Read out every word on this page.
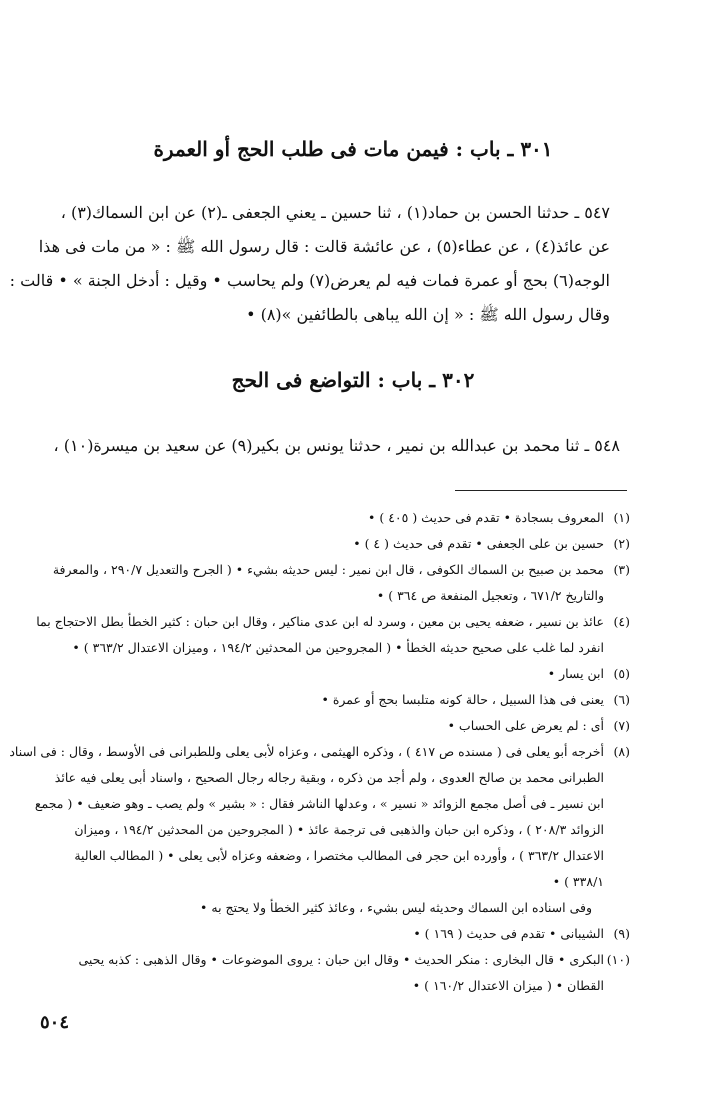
٣٠١ ـ باب : فيمن مات فى طلب الحج أو العمرة
٥٤٧ ـ حدثنا الحسن بن حماد(١) ، ثنا حسين ـ يعني الجعفى ـ(٢) عن ابن السماك(٣) ،
عن عائذ(٤) ، عن عطاء(٥) ، عن عائشة قالت : قال رسول الله ﷺ : « من مات فى هذا
الوجه(٦) بحج أو عمرة فمات فيه لم يعرض(٧) ولم يحاسب • وقيل : أدخل الجنة » • قالت :
وقال رسول الله ﷺ : « إن الله يباهى بالطائفين »(٨) •
٣٠٢ ـ باب : التواضع فى الحج
٥٤٨ ـ ثنا محمد بن عبدالله بن نمير ، حدثنا يونس بن بكير(٩) عن سعيد بن ميسرة(١٠) ،
(١)
المعروف بسجادة • تقدم فى حديث ( ٤٠٥ ) •
(٢)
حسين بن على الجعفى • تقدم فى حديث ( ٤ ) •
(٣)
محمد بن صبيح بن السماك الكوفى ، قال ابن نمير : ليس حديثه بشيء • ( الجرح والتعديل ٢٩٠/٧ ، والمعرفة
والتاريخ ٦٧١/٢ ، وتعجيل المنفعة ص ٣٦٤ ) •
(٤)
عائذ بن نسير ، ضعفه يحيى بن معين ، وسرد له ابن عدى مناكير ، وقال ابن حبان : كثير الخطأ بطل الاحتجاج بما
انفرد لما غلب على صحيح حديثه الخطأ • ( المجروحين من المحدثين ١٩٤/٢ ، وميزان الاعتدال ٣٦٣/٢ ) •
(٥)
ابن يسار •
(٦)
يعنى فى هذا السبيل ، حالة كونه متلبسا بحج أو عمرة •
(٧)
أى : لم يعرض على الحساب •
(٨)
أخرجه أبو يعلى فى ( مسنده ص ٤١٧ ) ، وذكره الهيثمى ، وعزاه لأبى يعلى وللطبرانى فى الأوسط ، وقال : فى اسناد
الطبرانى محمد بن صالح العدوى ، ولم أجد من ذكره ، وبقية رجاله رجال الصحيح ، واسناد أبى يعلى فيه عائذ
ابن نسير ـ فى أصل مجمع الزوائد « نسير » ، وعدلها الناشر فقال : « بشير » ولم يصب ـ وهو ضعيف • ( مجمع
الزوائد ٢٠٨/٣ ) ، وذكره ابن حبان والذهبى فى ترجمة عائذ • ( المجروحين من المحدثين ١٩٤/٢ ، وميزان
الاعتدال ٣٦٣/٢ ) ، وأورده ابن حجر فى المطالب مختصرا ، وضعفه وعزاه لأبى يعلى • ( المطالب العالية
٣٣٨/١ ) •
وفى اسناده ابن السماك وحديثه ليس بشيء ، وعائذ كثير الخطأ ولا يحتج به •
(٩)
الشيبانى • تقدم فى حديث ( ١٦٩ ) •
(١٠)
البكرى • قال البخارى : منكر الحديث • وقال ابن حبان : يروى الموضوعات • وقال الذهبى : كذبه يحيى
القطان • ( ميزان الاعتدال ١٦٠/٢ ) •
٥٠٤
